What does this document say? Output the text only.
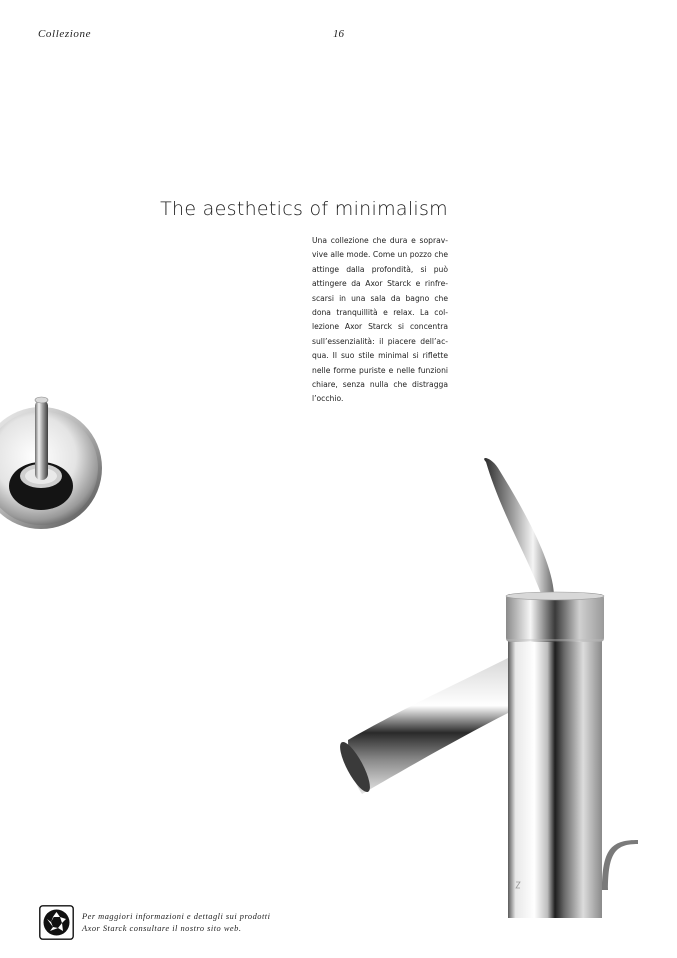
Collezione	16
The aesthetics of minimalism
Una collezione che dura e sopravvive alle mode. Come un pozzo che attinge dalla profondità, si può attingere da Axor Starck e rinfrescarsi in una sala da bagno che dona tranquillità e relax. La collezione Axor Starck si concentra sull’essenzialità: il piacere dell’acqua. Il suo stile minimal si riflette nelle forme puriste e nelle funzioni chiare, senza nulla che distragga l’occhio.
Per maggiori informazioni e dettagli sui prodotti
Axor Starck consultare il nostro sito web.
